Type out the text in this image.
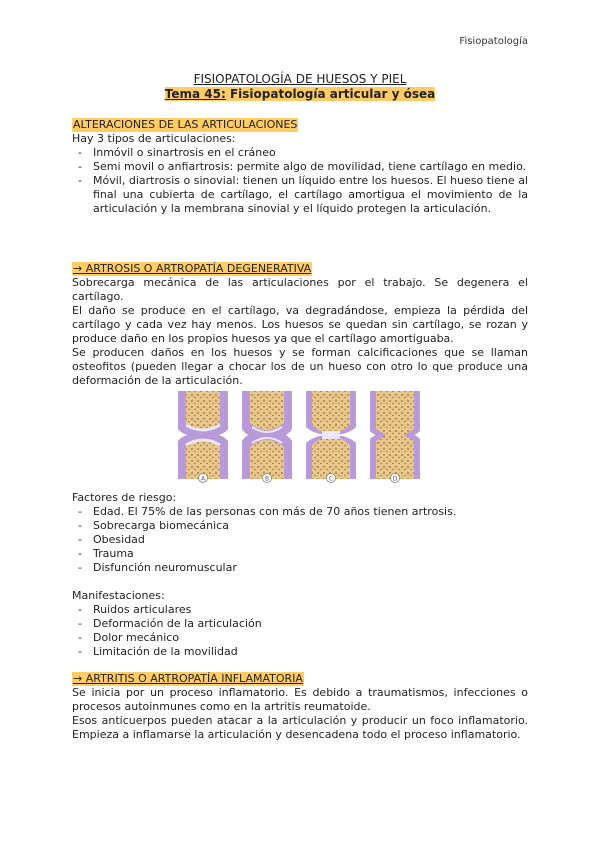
Fisiopatología
FISIOPATOLOGÍA DE HUESOS Y PIEL
Tema 45: Fisiopatología articular y ósea
ALTERACIONES DE LAS ARTICULACIONES

Hay 3 tipos de articulaciones:

- Inmóvil o sinartrosis en el cráneo
- Semi movil o anfiartrosis: permite algo de movilidad, tiene cartílago en medio.
- Móvil, diartrosis o sinovial: tienen un líquido entre los huesos. El hueso tiene al final una cubierta de cartílago, el cartílago amortigua el movimiento de la articulación y la membrana sinovial y el líquido protegen la articulación.
→ ARTROSIS O ARTROPATÍA DEGENERATIVA

Sobrecarga mecánica de las articulaciones por el trabajo. Se degenera el cartílago.

El daño se produce en el cartílago, va degradándose, empieza la pérdida del cartílago y cada vez hay menos. Los huesos se quedan sin cartílago, se rozan y produce daño en los propios huesos ya que el cartílago amortiguaba.

Se producen daños en los huesos y se forman calcificaciones que se llaman osteofitos (pueden llegar a chocar los de un hueso con otro lo que produce una deformación de la articulación.

A	B	C	D

Factores de riesgo:

- Edad. El 75% de las personas con más de 70 años tienen artrosis.
- Sobrecarga biomecánica
- Obesidad
- Trauma
- Disfunción neuromuscular

Manifestaciones:

- Ruidos articulares
- Deformación de la articulación
- Dolor mecánico
- Limitación de la movilidad
→ ARTRITIS O ARTROPATÍA INFLAMATORIA

Se inicia por un proceso inflamatorio. Es debido a traumatismos, infecciones o procesos autoinmunes como en la artritis reumatoide.

Esos anticuerpos pueden atacar a la articulación y producir un foco inflamatorio. Empieza a inflamarse la articulación y desencadena todo el proceso inflamatorio.
